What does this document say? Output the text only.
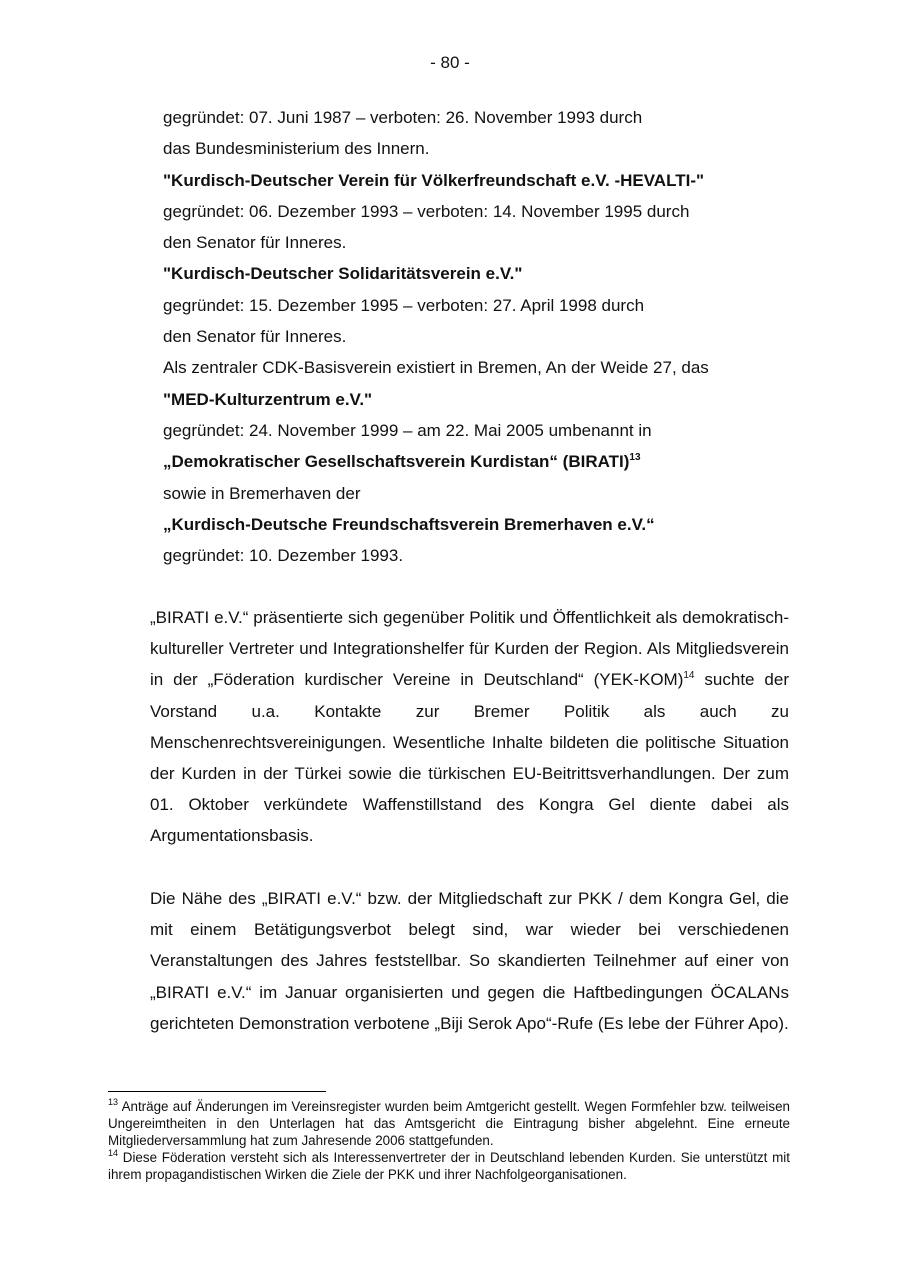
- 80 -
gegründet: 07. Juni 1987 – verboten: 26. November 1993 durch
das Bundesministerium des Innern.
"Kurdisch-Deutscher Verein für Völkerfreundschaft e.V. -HEVALTI-"
gegründet: 06. Dezember 1993 – verboten: 14. November 1995 durch
den Senator für Inneres.
"Kurdisch-Deutscher Solidaritätsverein e.V."
gegründet: 15. Dezember 1995 – verboten: 27. April 1998 durch
den Senator für Inneres.
Als zentraler CDK-Basisverein existiert in Bremen, An der Weide 27, das
"MED-Kulturzentrum e.V."
gegründet: 24. November 1999 – am 22. Mai 2005 umbenannt in
„Demokratischer Gesellschaftsverein Kurdistan“ (BIRATI)$^{13}$
sowie in Bremerhaven der
„Kurdisch-Deutsche Freundschaftsverein Bremerhaven e.V.“
gegründet: 10. Dezember 1993.

„BIRATI e.V.“ präsentierte sich gegenüber Politik und Öffentlichkeit als demokratisch-kultureller Vertreter und Integrationshelfer für Kurden der Region. Als Mitgliedsverein in der „Föderation kurdischer Vereine in Deutschland“ $(YEK-KOM)^{14}$ suchte der Vorstand u.a. Kontakte zur Bremer Politik als auch zu Menschenrechtsvereinigungen. Wesentliche Inhalte bildeten die politische Situation der Kurden in der Türkei sowie die türkischen EU-Beitrittsverhandlungen. Der zum 01. Oktober verkündete Waffenstillstand des Kongra Gel diente dabei als Argumentationsbasis.

Die Nähe des „BIRATI e.V.“ bzw. der Mitgliedschaft zur PKK / dem Kongra Gel, die mit einem Betätigungsverbot belegt sind, war wieder bei verschiedenen Veranstaltungen des Jahres feststellbar. So skandierten Teilnehmer auf einer von „BIRATI e.V.“ im Januar organisierten und gegen die Haftbedingungen ÖCALANs gerichteten Demonstration verbotene „Biji Serok Apo“-Rufe (Es lebe der Führer Apo).

$^{13}$ Anträge auf Änderungen im Vereinsregister wurden beim Amtgericht gestellt. Wegen Formfehler bzw. teilweisen Ungereimtheiten in den Unterlagen hat das Amtsgericht die Eintragung bisher abgelehnt. Eine erneute Mitgliederversammlung hat zum Jahresende 2006 stattgefunden.

$^{14}$ Diese Föderation versteht sich als Interessenvertreter der in Deutschland lebenden Kurden. Sie unterstützt mit ihrem propagandistischen Wirken die Ziele der PKK und ihrer Nachfolgeorganisationen.
